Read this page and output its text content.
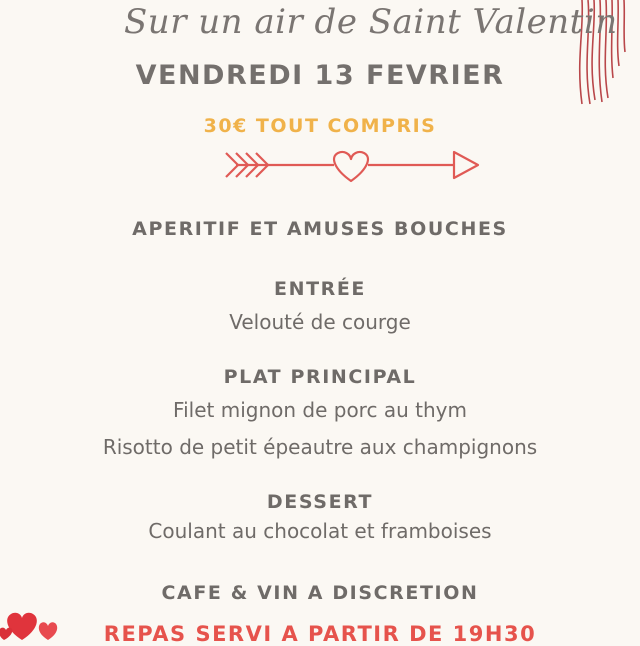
Sur un air de Saint Valentin
VENDREDI 13 FEVRIER
30€ TOUT COMPRIS
APERITIF ET AMUSES BOUCHES
ENTRÉE
Velouté de courge
PLAT PRINCIPAL
Filet mignon de porc au thym
Risotto de petit épeautre aux champignons
DESSERT
Coulant au chocolat et framboises
CAFE & VIN A DISCRETION
REPAS SERVI A PARTIR DE 19H30
